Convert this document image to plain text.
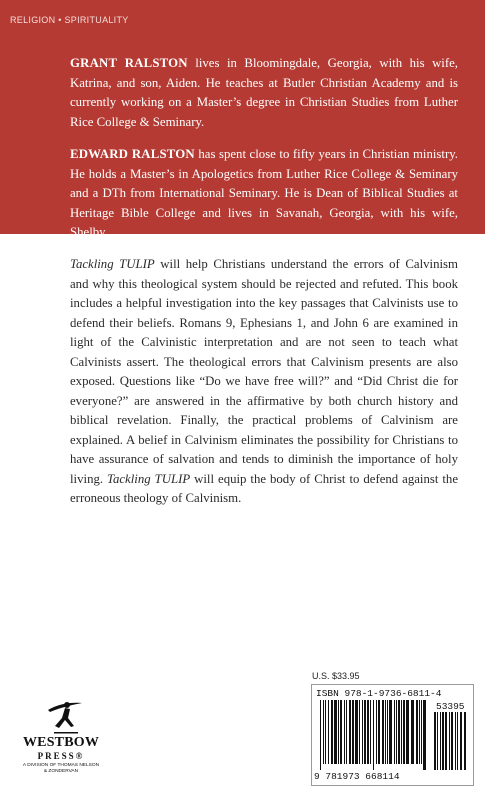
RELIGION • SPIRITUALITY
GRANT RALSTON lives in Bloomingdale, Georgia, with his wife, Katrina, and son, Aiden. He teaches at Butler Christian Academy and is currently working on a Master’s degree in Christian Studies from Luther Rice College & Seminary.
EDWARD RALSTON has spent close to fifty years in Christian ministry. He holds a Master’s in Apologetics from Luther Rice College & Seminary and a DTh from International Seminary. He is Dean of Biblical Studies at Heritage Bible College and lives in Savanah, Georgia, with his wife, Shelby.
Tackling TULIP will help Christians understand the errors of Calvinism and why this theological system should be rejected and refuted. This book includes a helpful investigation into the key passages that Calvinists use to defend their beliefs. Romans 9, Ephesians 1, and John 6 are examined in light of the Calvinistic interpretation and are not seen to teach what Calvinists assert. The theological errors that Calvinism presents are also exposed. Questions like “Do we have free will?” and “Did Christ die for everyone?” are answered in the affirmative by both church history and biblical revelation. Finally, the practical problems of Calvinism are explained. A belief in Calvinism eliminates the possibility for Christians to have assurance of salvation and tends to diminish the importance of holy living. Tackling TULIP will equip the body of Christ to defend against the erroneous theology of Calvinism.
WESTBOW
PRESS®
A DIVISION OF THOMAS NELSON
& ZONDERVAN
U.S. $33.95
ISBN 978-1-9736-6811-4
53395
9 781973 668114
